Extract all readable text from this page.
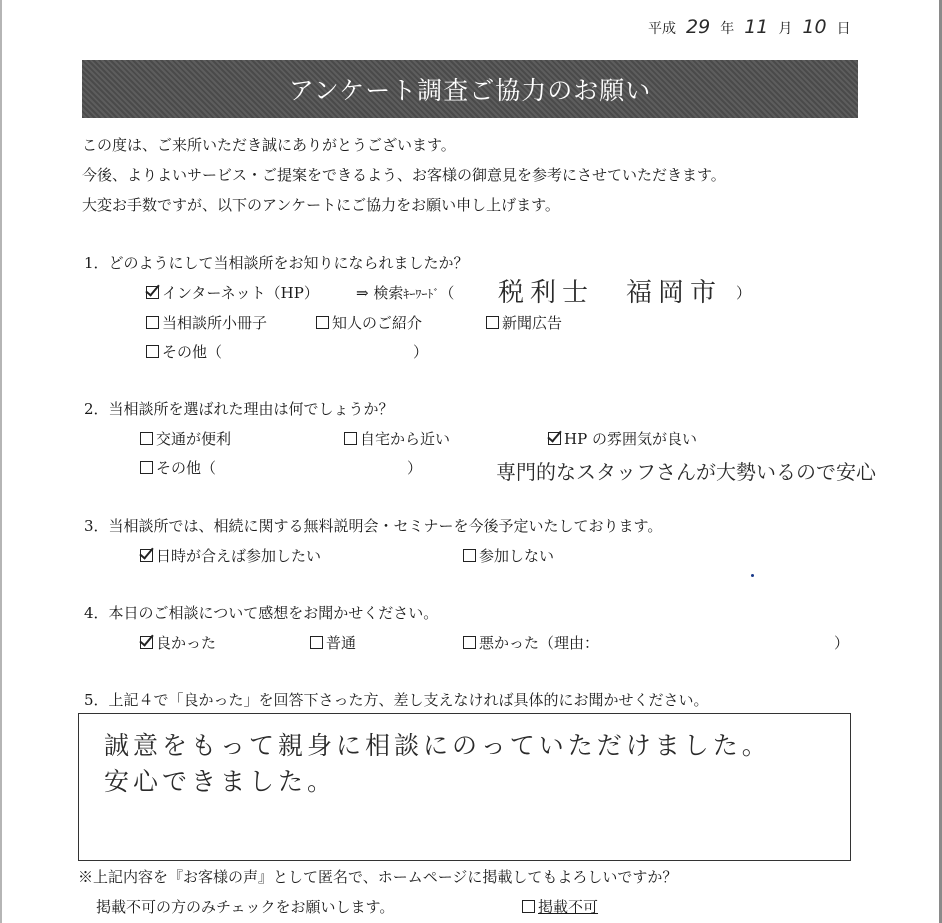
平成 29 年 11 月 10 日
アンケート調査ご協力のお願い
この度は、ご来所いただき誠にありがとうございます。
今後、よりよいサービス・ご提案をできるよう、お客様の御意見を参考にさせていただきます。
大変お手数ですが、以下のアンケートにご協力をお願い申し上げます。
1．どのようにして当相談所をお知りになられましたか？
インターネット（HP） ⇒ 検索ｷｰﾜｰﾄﾞ（ 税利士　福岡市 ）
当相談所小冊子	知人のご紹介	新聞広告
その他（	）
2．当相談所を選ばれた理由は何でしょうか？
交通が便利	自宅から近い	HP の雰囲気が良い
その他（	）	専門的なスタッフさんが大勢いるので安心
3．当相談所では、相続に関する無料説明会・セミナーを今後予定いたしております。
日時が合えば参加したい	参加しない
4．本日のご相談について感想をお聞かせください。
良かった	普通	悪かった（理由：	）
5．上記４で「良かった」を回答下さった方、差し支えなければ具体的にお聞かせください。
誠意をもって親身に相談にのっていただけました。
安心できました。
※上記内容を『お客様の声』として匿名で、ホームページに掲載してもよろしいですか？
掲載不可の方のみチェックをお願いします。	掲載不可
